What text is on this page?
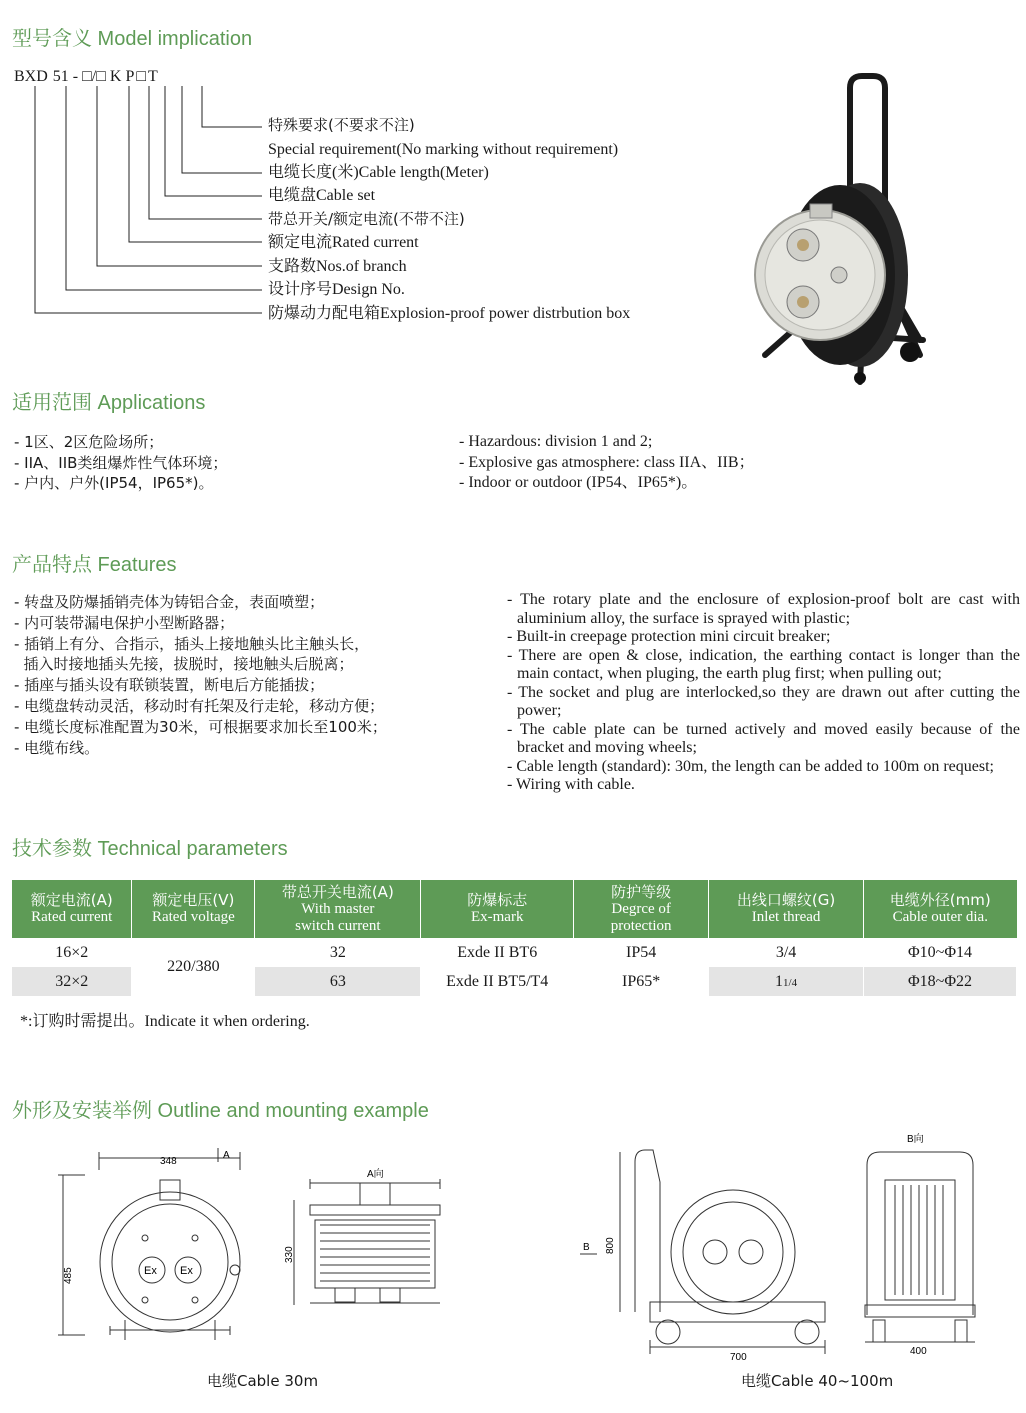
型号含义 Model implication
BXD 51 - □/□ K P □ T
特殊要求(不要求不注)
Special requirement(No marking without requirement)
电缆长度(米)Cable length(Meter)
电缆盘Cable set
带总开关/额定电流(不带不注)
额定电流Rated current
支路数Nos.of branch
设计序号Design No.
防爆动力配电箱Explosion-proof power distrbution box
适用范围 Applications
- 1区、2区危险场所；
- IIA、IIB类组爆炸性气体环境；
- 户内、户外(IP54，IP65*)。
- Hazardous: division 1 and 2;
- Explosive gas atmosphere: class IIA、IIB；
- Indoor or outdoor (IP54、IP65*)。
产品特点 Features
- 转盘及防爆插销壳体为铸铝合金，表面喷塑；
- 内可装带漏电保护小型断路器；
- 插销上有分、合指示，插头上接地触头比主触头长，
插入时接地插头先接，拔脱时，接地触头后脱离；
- 插座与插头设有联锁装置，断电后方能插拔；
- 电缆盘转动灵活，移动时有托架及行走轮，移动方便；
- 电缆长度标准配置为30米，可根据要求加长至100米；
- 电缆布线。

- The rotary plate and the enclosure of explosion-proof bolt are cast with aluminium alloy, the surface is sprayed with plastic;

- Built-in creepage protection mini circuit breaker;

- There are open & close, indication, the earthing contact is longer than the main contact, when pluging, the earth plug first; when pulling out;

- The socket and plug are interlocked,so they are drawn out after cutting the power;

- The cable plate can be turned actively and moved easily because of the bracket and moving wheels;

- Cable length (standard): 30m, the length can be added to 100m on request;

- Wiring with cable.

技术参数 Technical parameters
额定电流(A)
Rated current	额定电压(V)
Rated voltage	带总开关电流(A)
With master
switch current	防爆标志
Ex-mark	防护等级
Degrce of
protection	出线口螺纹(G)
Inlet thread	电缆外径(mm)
Cable outer dia.

16×2	220/380	32	Exde II BT6	IP54	3/4	Φ10~Φ14
32×2		63	Exde II BT5/T4	IP65*	11/4	Φ18~Φ22
*:订购时需提出。Indicate it when ordering.
外形及安装举例 Outline and mounting example
348
A
485	Ex Ex
A向
330
电缆Cable 30m
B 800
700
B向
400
电缆Cable 40~100m
